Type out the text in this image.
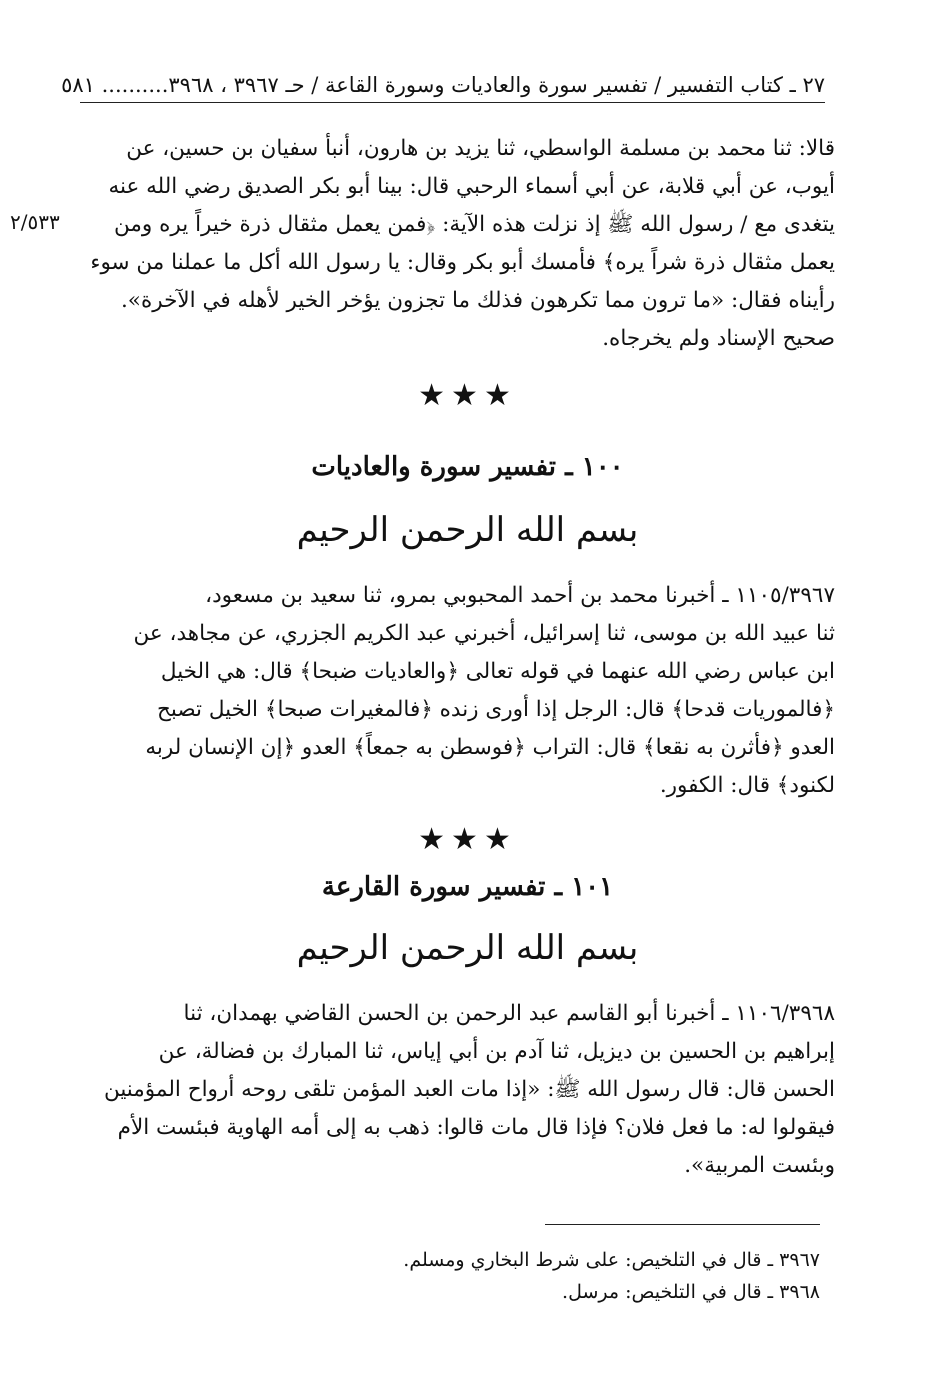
٢٧ ـ كتاب التفسير / تفسير سورة والعاديات وسورة القاعة / حـ ٣٩٦٧ ، ٣٩٦٨
.......... ٥٨١
٢/٥٣٣
قالا: ثنا محمد بن مسلمة الواسطي، ثنا يزيد بن هارون، أنبأ سفيان بن حسين، عن
أيوب، عن أبي قلابة، عن أبي أسماء الرحبي قال: بينا أبو بكر الصديق رضي الله عنه
يتغدى مع / رسول الله ﷺ إذ نزلت هذه الآية: ﴿فمن يعمل مثقال ذرة خيراً يره ومن
يعمل مثقال ذرة شراً يره﴾ فأمسك أبو بكر وقال: يا رسول الله أكل ما عملنا من سوء
رأيناه فقال: «ما ترون مما تكرهون فذلك ما تجزون يؤخر الخير لأهله في الآخرة».
صحيح الإسناد ولم يخرجاه.
★★★
١٠٠ ـ تفسير سورة والعاديات
بسم الله الرحمن الرحيم
١١٠٥/٣٩٦٧ ـ أخبرنا محمد بن أحمد المحبوبي بمرو، ثنا سعيد بن مسعود،
ثنا عبيد الله بن موسى، ثنا إسرائيل، أخبرني عبد الكريم الجزري، عن مجاهد، عن
ابن عباس رضي الله عنهما في قوله تعالى ﴿والعاديات ضبحا﴾ قال: هي الخيل
﴿فالموريات قدحا﴾ قال: الرجل إذا أورى زنده ﴿فالمغيرات صبحا﴾ الخيل تصبح
العدو ﴿فأثرن به نقعا﴾ قال: التراب ﴿فوسطن به جمعاً﴾ العدو ﴿إن الإنسان لربه
لكنود﴾ قال: الكفور.
★★★
١٠١ ـ تفسير سورة القارعة
بسم الله الرحمن الرحيم
١١٠٦/٣٩٦٨ ـ أخبرنا أبو القاسم عبد الرحمن بن الحسن القاضي بهمدان، ثنا
إبراهيم بن الحسين بن ديزيل، ثنا آدم بن أبي إياس، ثنا المبارك بن فضالة، عن
الحسن قال: قال رسول الله ﷺ: «إذا مات العبد المؤمن تلقى روحه أرواح المؤمنين
فيقولوا له: ما فعل فلان؟ فإذا قال مات قالوا: ذهب به إلى أمه الهاوية فبئست الأم
وبئست المربية».
٣٩٦٧ ـ قال في التلخيص: على شرط البخاري ومسلم.
٣٩٦٨ ـ قال في التلخيص: مرسل.
